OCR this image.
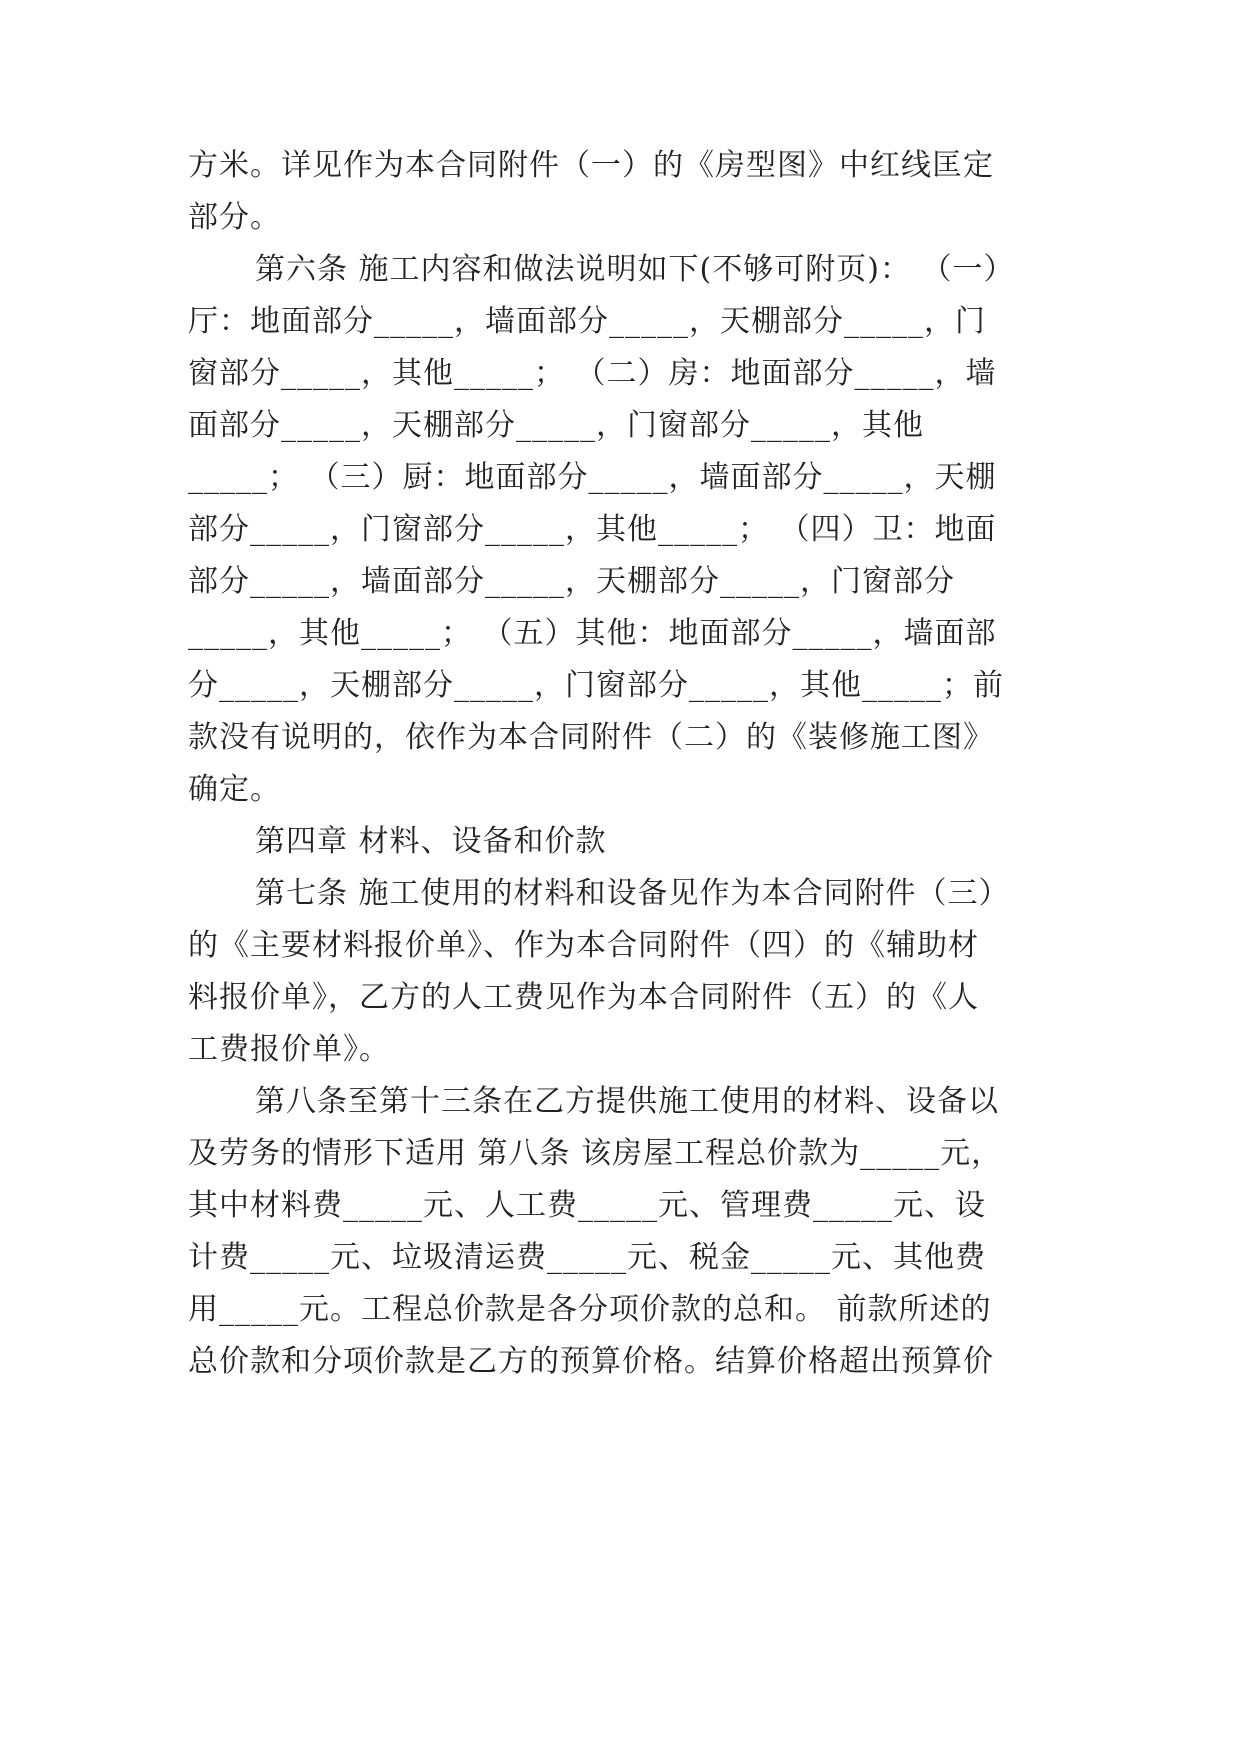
方米。详见作为本合同附件（一）的《房型图》中红线匡定
部分。
第六条 施工内容和做法说明如下(不够可附页)： （一）
厅：地面部分_____，墙面部分_____，天棚部分_____，门
窗部分_____，其他_____； （二）房：地面部分_____，墙
面部分_____，天棚部分_____，门窗部分_____，其他
_____； （三）厨：地面部分_____，墙面部分_____，天棚
部分_____，门窗部分_____，其他_____； （四）卫：地面
部分_____，墙面部分_____，天棚部分_____，门窗部分
_____，其他_____； （五）其他：地面部分_____，墙面部
分_____，天棚部分_____，门窗部分_____，其他_____；前
款没有说明的，依作为本合同附件（二）的《装修施工图》
确定。
第四章 材料、设备和价款
第七条 施工使用的材料和设备见作为本合同附件（三）
的《主要材料报价单》、作为本合同附件（四）的《辅助材
料报价单》，乙方的人工费见作为本合同附件（五）的《人
工费报价单》。
第八条至第十三条在乙方提供施工使用的材料、设备以
及劳务的情形下适用 第八条 该房屋工程总价款为_____元，
其中材料费_____元、人工费_____元、管理费_____元、设
计费_____元、垃圾清运费_____元、税金_____元、其他费
用_____元。工程总价款是各分项价款的总和。 前款所述的
总价款和分项价款是乙方的预算价格。结算价格超出预算价
